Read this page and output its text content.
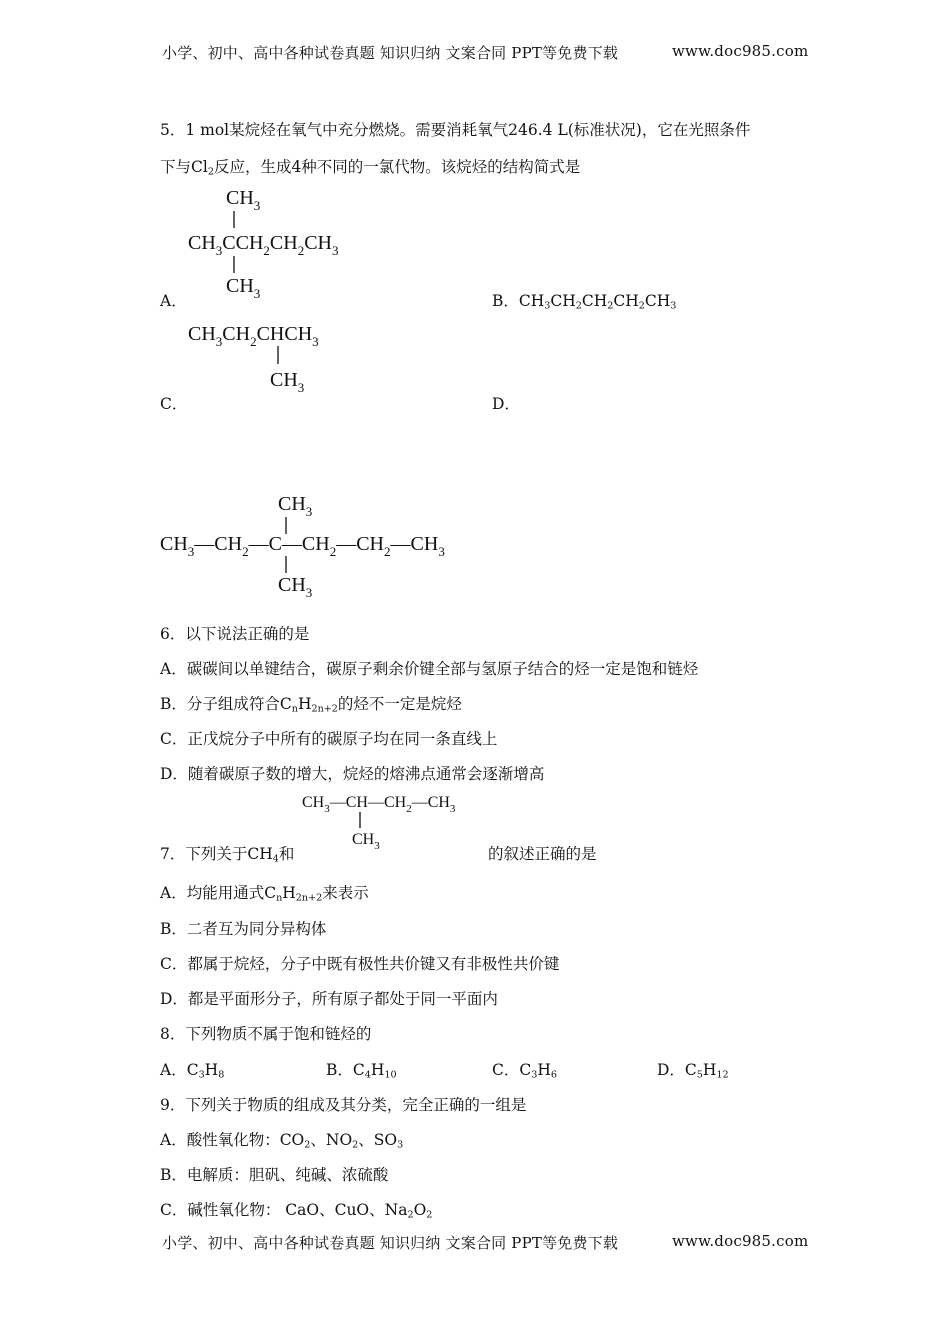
小学、初中、高中各种试卷真题 知识归纳 文案合同 PPT等免费下载	www.doc985.com
5．1 mol某烷烃在氧气中充分燃烧。需要消耗氧气246.4 L(标准状况)，它在光照条件
下与$Cl_2$反应，生成4种不同的一氯代物。该烷烃的结构简式是
$CH_3$
$CH_3CCH_2CH_2CH_3$
$CH_3$
A．	B．$CH_3CH_2CH_2CH_2CH_3$
$CH_3CH_2CHCH_3$
$CH_3$
C．	D．
$CH_3$
$CH_3—CH_2—C—CH_2—CH_2—CH_3$
$CH_3$
6．以下说法正确的是
A．碳碳间以单键结合，碳原子剩余价键全部与氢原子结合的烃一定是饱和链烃
B．分子组成符合$C_nH_{2n+2}$的烃不一定是烷烃
C．正戊烷分子中所有的碳原子均在同一条直线上
D．随着碳原子数的增大，烷烃的熔沸点通常会逐渐增高
$CH_3—CH—CH_2—CH_3$
$CH_3$
7．下列关于$CH_4$和	的叙述正确的是
A．均能用通式$C_nH_{2n+2}$来表示
B．二者互为同分异构体
C．都属于烷烃，分子中既有极性共价键又有非极性共价键
D．都是平面形分子，所有原子都处于同一平面内
8．下列物质不属于饱和链烃的
A．$C_3H_8$	B．$C_4H_{10}$	C．$C_3H_6$	D．$C_5H_{12}$
9．下列关于物质的组成及其分类，完全正确的一组是
A．酸性氧化物：$CO_2$、$NO_2$、$SO_3$
B．电解质：胆矾、纯碱、浓硫酸
C．碱性氧化物： CaO、CuO、$Na_2O_2$
小学、初中、高中各种试卷真题 知识归纳 文案合同 PPT等免费下载	www.doc985.com
